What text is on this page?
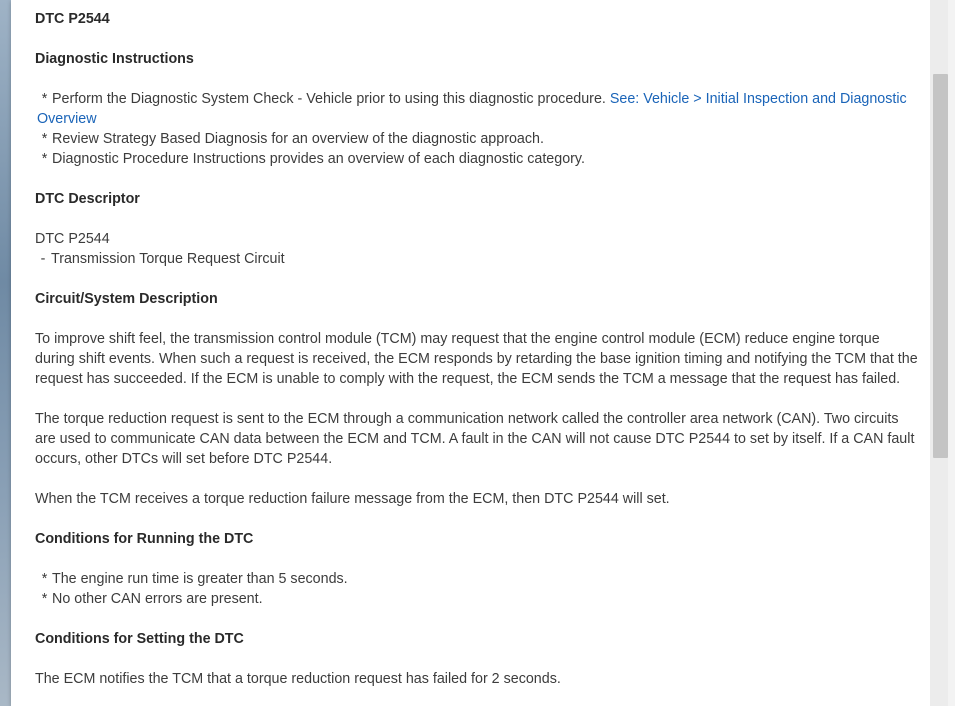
DTC P2544
Diagnostic Instructions

* Perform the Diagnostic System Check - Vehicle prior to using this diagnostic procedure. See: Vehicle > Initial Inspection and Diagnostic Overview

* Review Strategy Based Diagnosis for an overview of the diagnostic approach.

* Diagnostic Procedure Instructions provides an overview of each diagnostic category.

DTC Descriptor

DTC P2544

- Transmission Torque Request Circuit

Circuit/System Description

To improve shift feel, the transmission control module (TCM) may request that the engine control module (ECM) reduce engine torque during shift events. When such a request is received, the ECM responds by retarding the base ignition timing and notifying the TCM that the request has succeeded. If the ECM is unable to comply with the request, the ECM sends the TCM a message that the request has failed.

The torque reduction request is sent to the ECM through a communication network called the controller area network (CAN). Two circuits are used to communicate CAN data between the ECM and TCM. A fault in the CAN will not cause DTC P2544 to set by itself. If a CAN fault occurs, other DTCs will set before DTC P2544.

When the TCM receives a torque reduction failure message from the ECM, then DTC P2544 will set.

Conditions for Running the DTC

* The engine run time is greater than 5 seconds.

* No other CAN errors are present.

Conditions for Setting the DTC

The ECM notifies the TCM that a torque reduction request has failed for 2 seconds.
